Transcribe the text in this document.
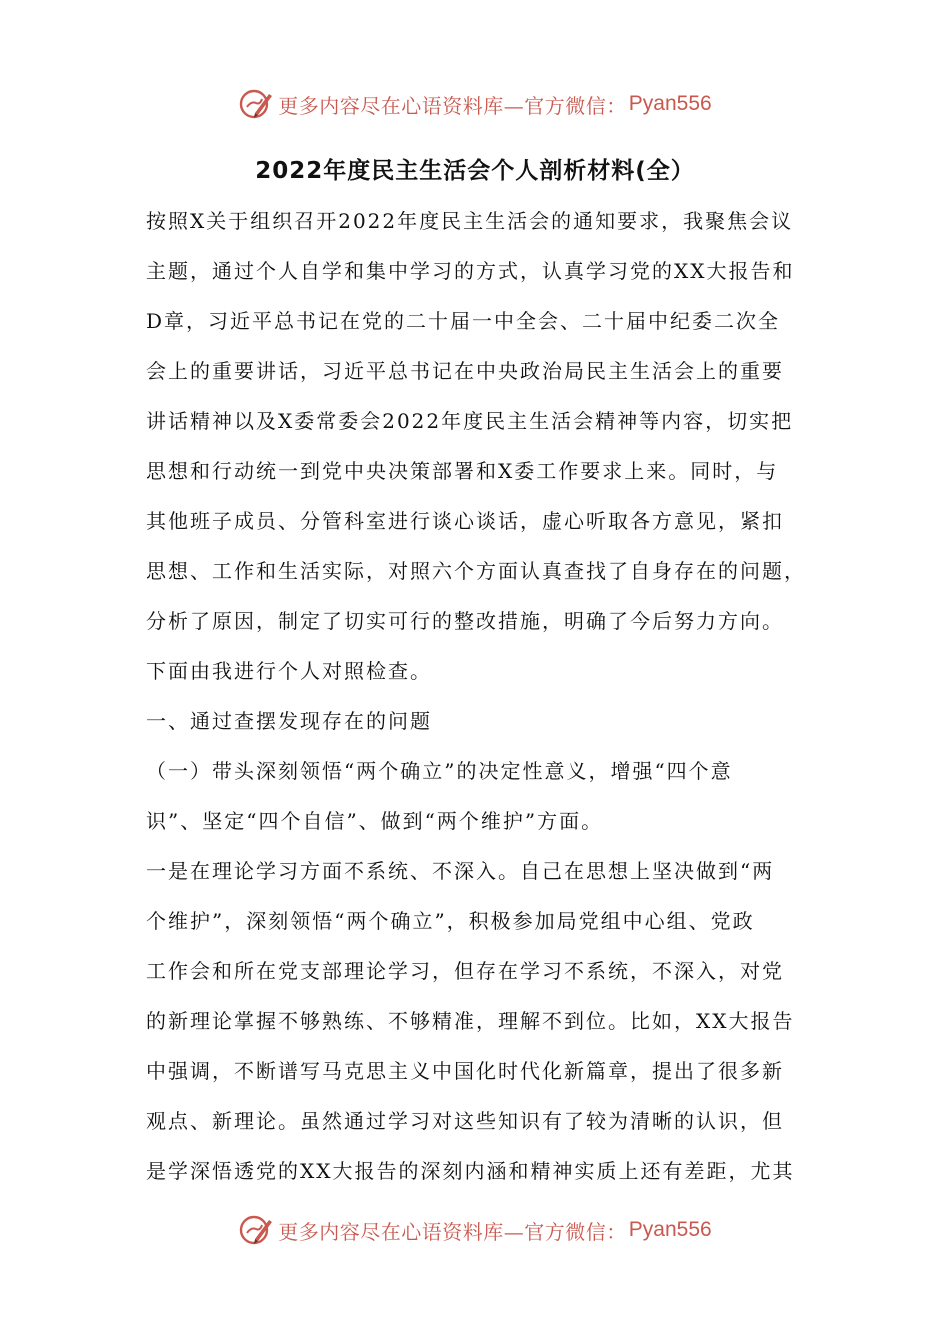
更多内容尽在心语资料库—官方微信： Pyan556
2022年度民主生活会个人剖析材料(全）
按照X关于组织召开2022年度民主生活会的通知要求，我聚焦会议
主题，通过个人自学和集中学习的方式，认真学习党的XX大报告和
D章，习近平总书记在党的二十届一中全会、二十届中纪委二次全
会上的重要讲话，习近平总书记在中央政治局民主生活会上的重要
讲话精神以及X委常委会2022年度民主生活会精神等内容，切实把
思想和行动统一到党中央决策部署和X委工作要求上来。同时，与
其他班子成员、分管科室进行谈心谈话，虚心听取各方意见，紧扣
思想、工作和生活实际，对照六个方面认真查找了自身存在的问题，
分析了原因，制定了切实可行的整改措施，明确了今后努力方向。
下面由我进行个人对照检查。
一、通过查摆发现存在的问题
（一）带头深刻领悟“两个确立”的决定性意义，增强“四个意
识”、坚定“四个自信”、做到“两个维护”方面。
一是在理论学习方面不系统、不深入。自己在思想上坚决做到“两
个维护”，深刻领悟“两个确立”，积极参加局党组中心组、党政
工作会和所在党支部理论学习，但存在学习不系统，不深入，对党
的新理论掌握不够熟练、不够精准，理解不到位。比如，XX大报告
中强调，不断谱写马克思主义中国化时代化新篇章，提出了很多新
观点、新理论。虽然通过学习对这些知识有了较为清晰的认识，但
是学深悟透党的XX大报告的深刻内涵和精神实质上还有差距，尤其
更多内容尽在心语资料库—官方微信： Pyan556
